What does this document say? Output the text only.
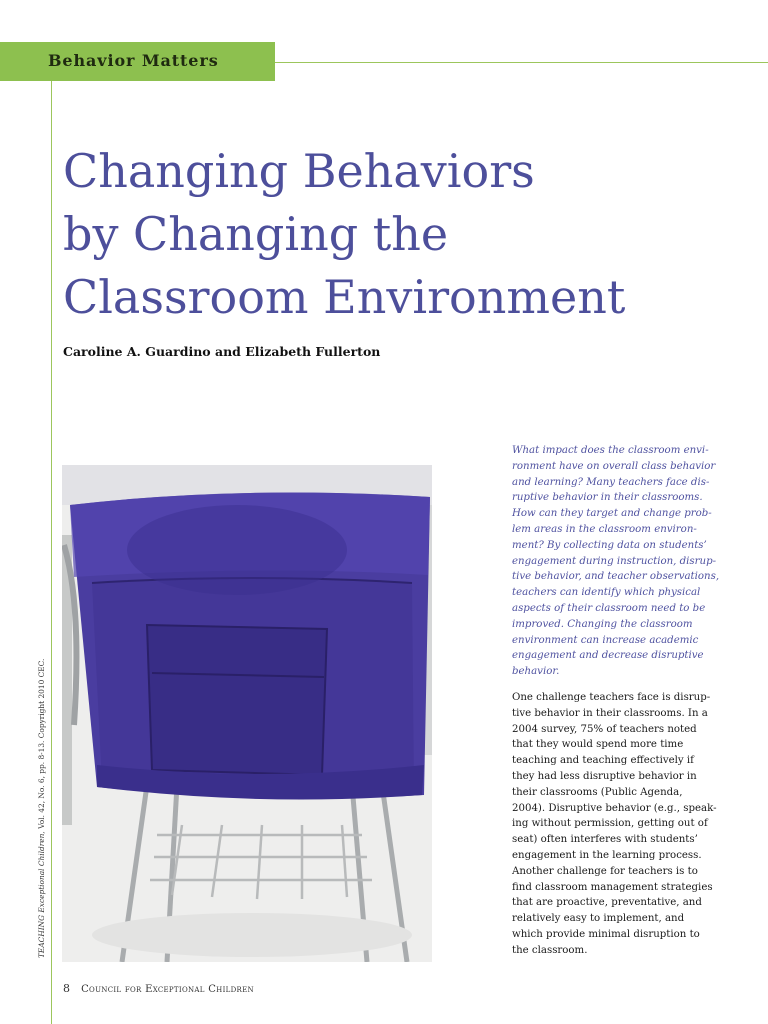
Behavior Matters
Changing Behaviors
by Changing the
Classroom Environment
Caroline A. Guardino and Elizabeth Fullerton

What impact does the classroom envi-
ronment have on overall class behavior
and learning? Many teachers face dis-
ruptive behavior in their classrooms.
How can they target and change prob-
lem areas in the classroom environ-
ment? By collecting data on students’
engagement during instruction, disrup-
tive behavior, and teacher observations,
teachers can identify which physical
aspects of their classroom need to be
improved. Changing the classroom
environment can increase academic
engagement and decrease disruptive
behavior.

One challenge teachers face is disrup-
tive behavior in their classrooms. In a
2004 survey, 75% of teachers noted
that they would spend more time
teaching and teaching effectively if
they had less disruptive behavior in
their classrooms (Public Agenda,
2004). Disruptive behavior (e.g., speak-
ing without permission, getting out of
seat) often interferes with students’
engagement in the learning process.
Another challenge for teachers is to
find classroom management strategies
that are proactive, preventative, and
relatively easy to implement, and
which provide minimal disruption to
the classroom.

TEACHING Exceptional Children, Vol. 42, No. 6, pp. 8-13. Copyright 2010 CEC.
8 Council for Exceptional Children
